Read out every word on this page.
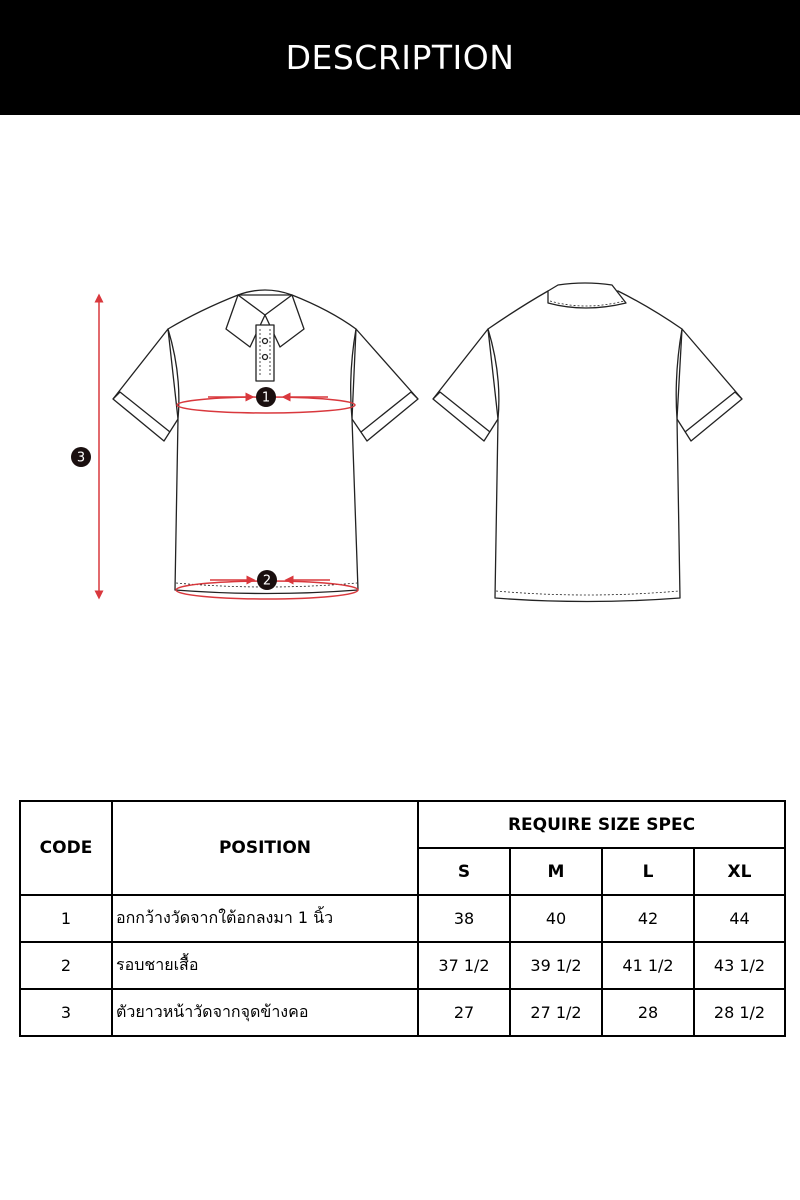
DESCRIPTION
1
2
3
CODE	POSITION	REQUIRE SIZE SPEC			
		S	M	L	XL
1	อกกว้างวัดจากใต้อกลงมา 1 นิ้ว	38	40	42	44
2	รอบชายเสื้อ	37 1/2	39 1/2	41 1/2	43 1/2
3	ตัวยาวหน้าวัดจากจุดข้างคอ	27	27 1/2	28	28 1/2
